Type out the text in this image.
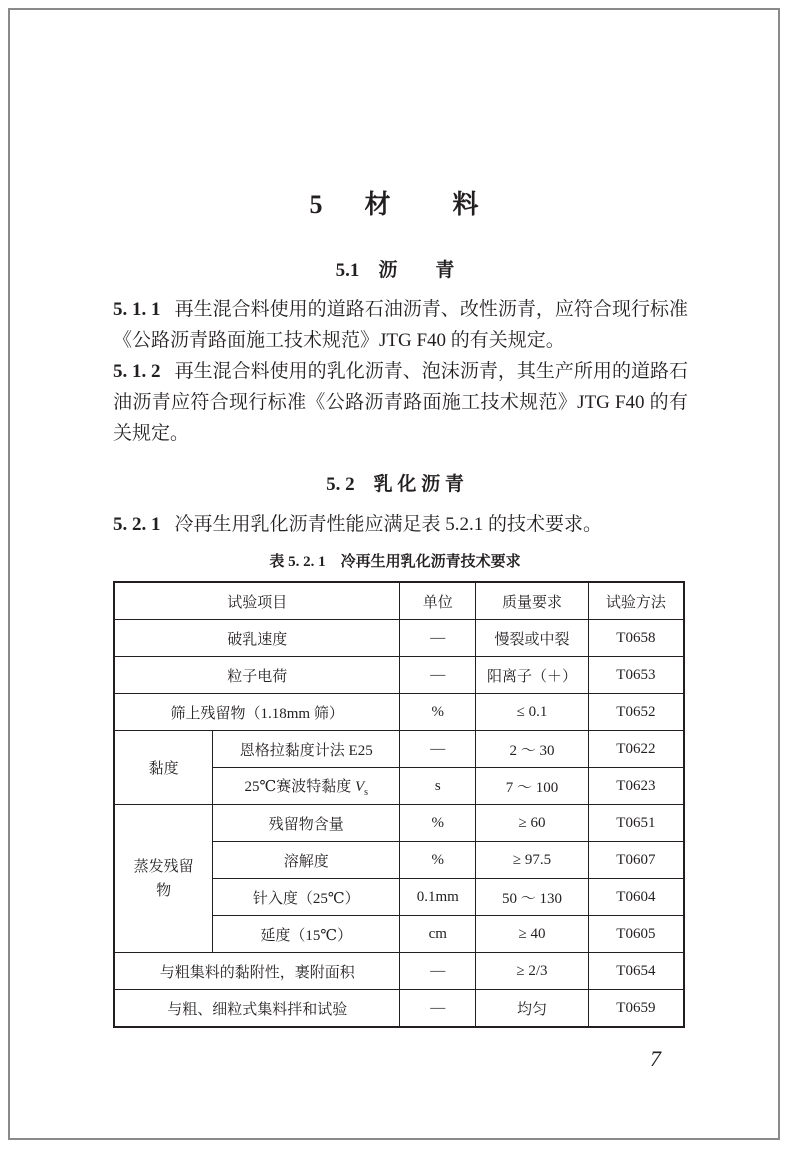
5 材 料
5.1　沥　　青
5. 1. 1 再生混合料使用的道路石油沥青、改性沥青，应符合现行标准《公路沥青路面施工技术规范》JTG F40 的有关规定。
5. 1. 2 再生混合料使用的乳化沥青、泡沫沥青，其生产所用的道路石油沥青应符合现行标准《公路沥青路面施工技术规范》JTG F40 的有关规定。
5. 2　乳 化 沥 青
5. 2. 1 冷再生用乳化沥青性能应满足表 5.2.1 的技术要求。
表 5. 2. 1　冷再生用乳化沥青技术要求
试验项目		单位	质量要求	试验方法
破乳速度		—	慢裂或中裂	T0658
粒子电荷		—	阳离子（＋）	T0653
筛上残留物（1.18mm 筛）		%	≤ 0.1	T0652
黏度	恩格拉黏度计法 E25	—	2 ～ 30	T0622
	25℃赛波特黏度 $V_s$	s	7 ～ 100	T0623
蒸发残留物	残留物含量	%	≥ 60	T0651
	溶解度	%	≥ 97.5	T0607
	针入度（25℃）	0.1mm	50 ～ 130	T0604
	延度（15℃）	cm	≥ 40	T0605
与粗集料的黏附性，裹附面积		—	≥ 2/3	T0654
与粗、细粒式集料拌和试验		—	均匀	T0659
7
